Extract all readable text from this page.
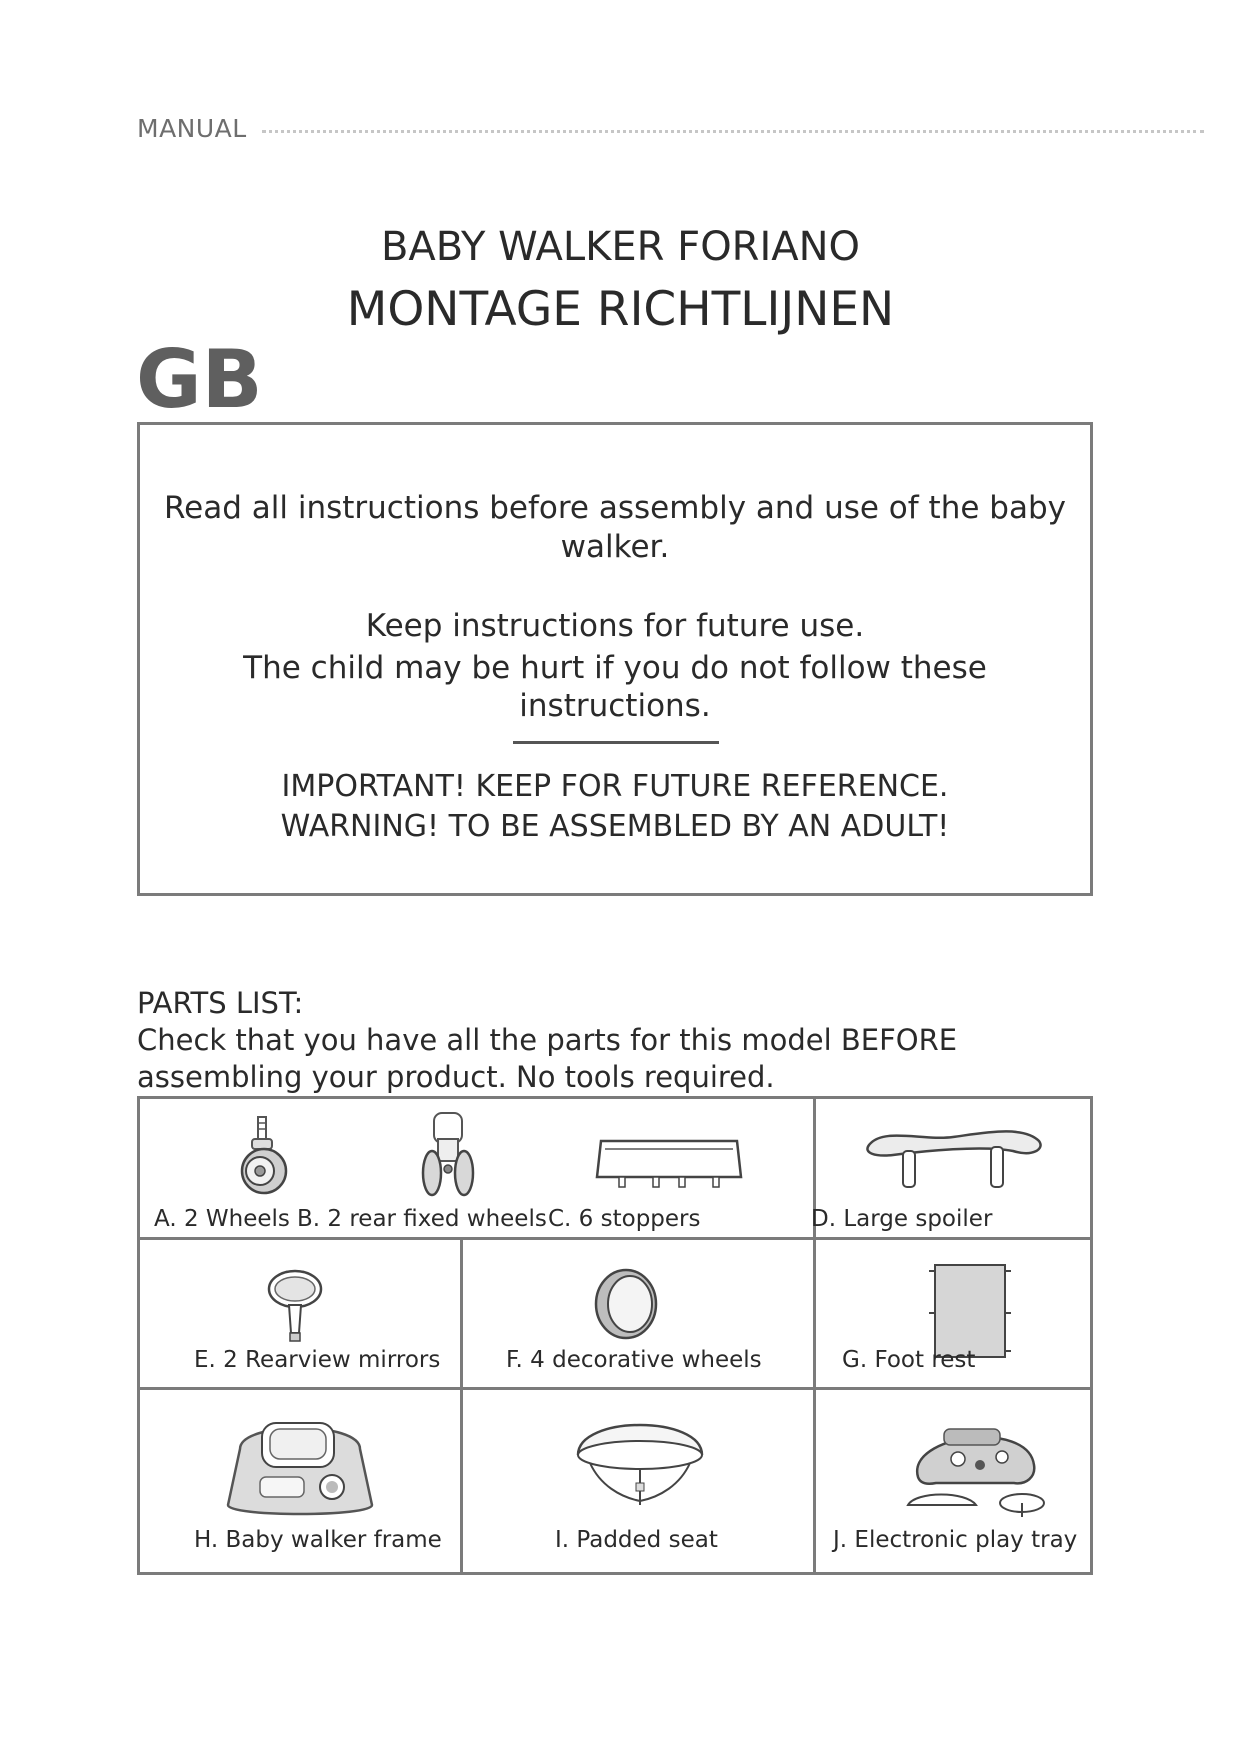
MANUAL
BABY WALKER FORIANO
MONTAGE RICHTLIJNEN
GB
Read all instructions before assembly and use of the baby
walker.
Keep instructions for future use.
The child may be hurt if you do not follow these
instructions.
IMPORTANT! KEEP FOR FUTURE REFERENCE.
WARNING! TO BE ASSEMBLED BY AN ADULT!
PARTS LIST:
Check that you have all the parts for this model BEFORE assembling your product. No tools required.
A. 2 Wheels B. 2 rear fixed wheels C. 6 stoppers	D. Large spoiler
E. 2 Rearview mirrors	F. 4 decorative wheels	G. Foot rest
H. Baby walker frame	I. Padded seat	J. Electronic play tray
